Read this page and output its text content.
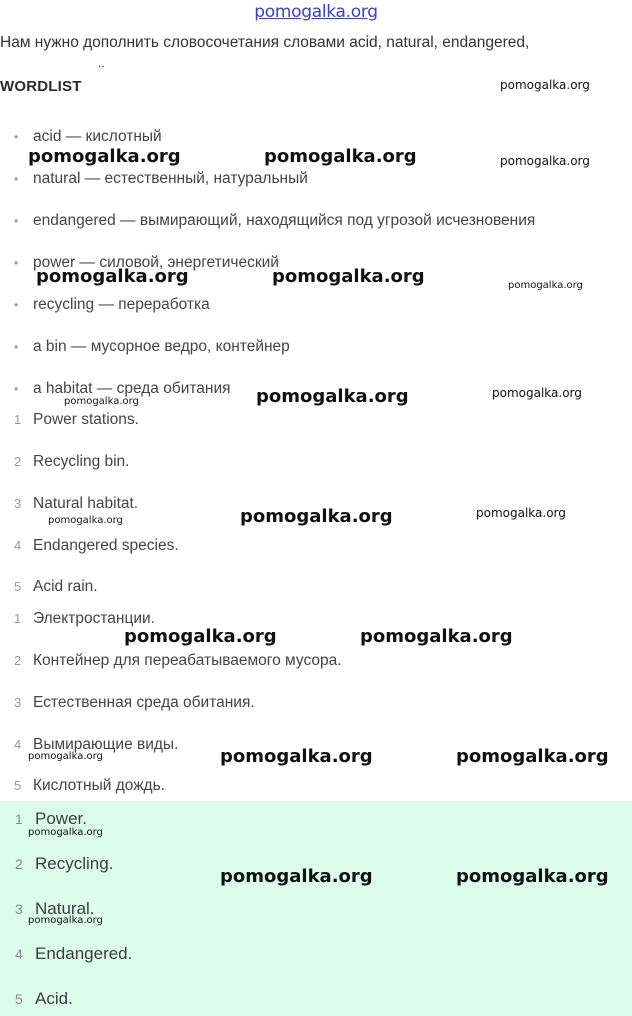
pomogalka.org
Нам нужно дополнить словосочетания словами acid, natural, endangered,
..
WORDLIST
• acid — кислотный
• natural — естественный, натуральный
• endangered — вымирающий, находящийся под угрозой исчезновения
• power — силовой, энергетический
• recycling — переработка
• a bin — мусорное ведро, контейнер
• a habitat — среда обитания
1 Power stations.
2 Recycling bin.
3 Natural habitat.
4 Endangered species.
5 Acid rain.
1 Электростанции.
2 Контейнер для переабатываемого мусора.
3 Естественная среда обитания.
4 Вымирающие виды.
5 Кислотный дождь.
1 Power.
2 Recycling.
3 Natural.
4 Endangered.
5 Acid.
pomogalka.org
pomogalka.org	pomogalka.org	pomogalka.org
pomogalka.org	pomogalka.org	pomogalka.org
pomogalka.org	pomogalka.org	pomogalka.org
pomogalka.org	pomogalka.org	pomogalka.org
pomogalka.org	pomogalka.org
pomogalka.org	pomogalka.org	pomogalka.org
pomogalka.org
pomogalka.org	pomogalka.org
pomogalka.org
